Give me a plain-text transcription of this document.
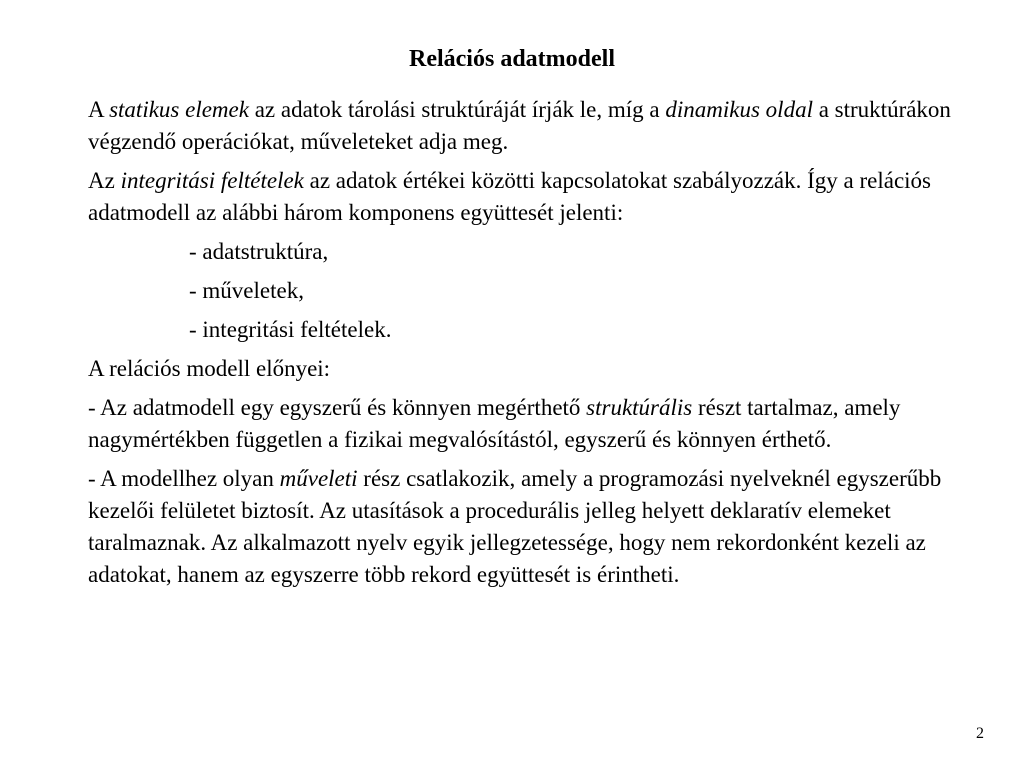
Relációs adatmodell

A statikus elemek az adatok tárolási struktúráját írják le, míg a dinamikus oldal a struktúrákon végzendő operációkat, műveleteket adja meg.

Az integritási feltételek az adatok értékei közötti kapcsolatokat szabályozzák. Így a relációs adatmodell az alábbi három komponens együttesét jelenti:

- adatstruktúra,
- műveletek,
- integritási feltételek.

A relációs modell előnyei:

- Az adatmodell egy egyszerű és könnyen megérthető struktúrális részt tartalmaz, amely nagymértékben független a fizikai megvalósítástól, egyszerű és könnyen érthető.

- A modellhez olyan műveleti rész csatlakozik, amely a programozási nyelveknél egyszerűbb kezelői felületet biztosít. Az utasítások a procedurális jelleg helyett deklaratív elemeket taralmaznak. Az alkalmazott nyelv egyik jellegzetessége, hogy nem rekordonként kezeli az adatokat, hanem az egyszerre több rekord együttesét is érintheti.

2
